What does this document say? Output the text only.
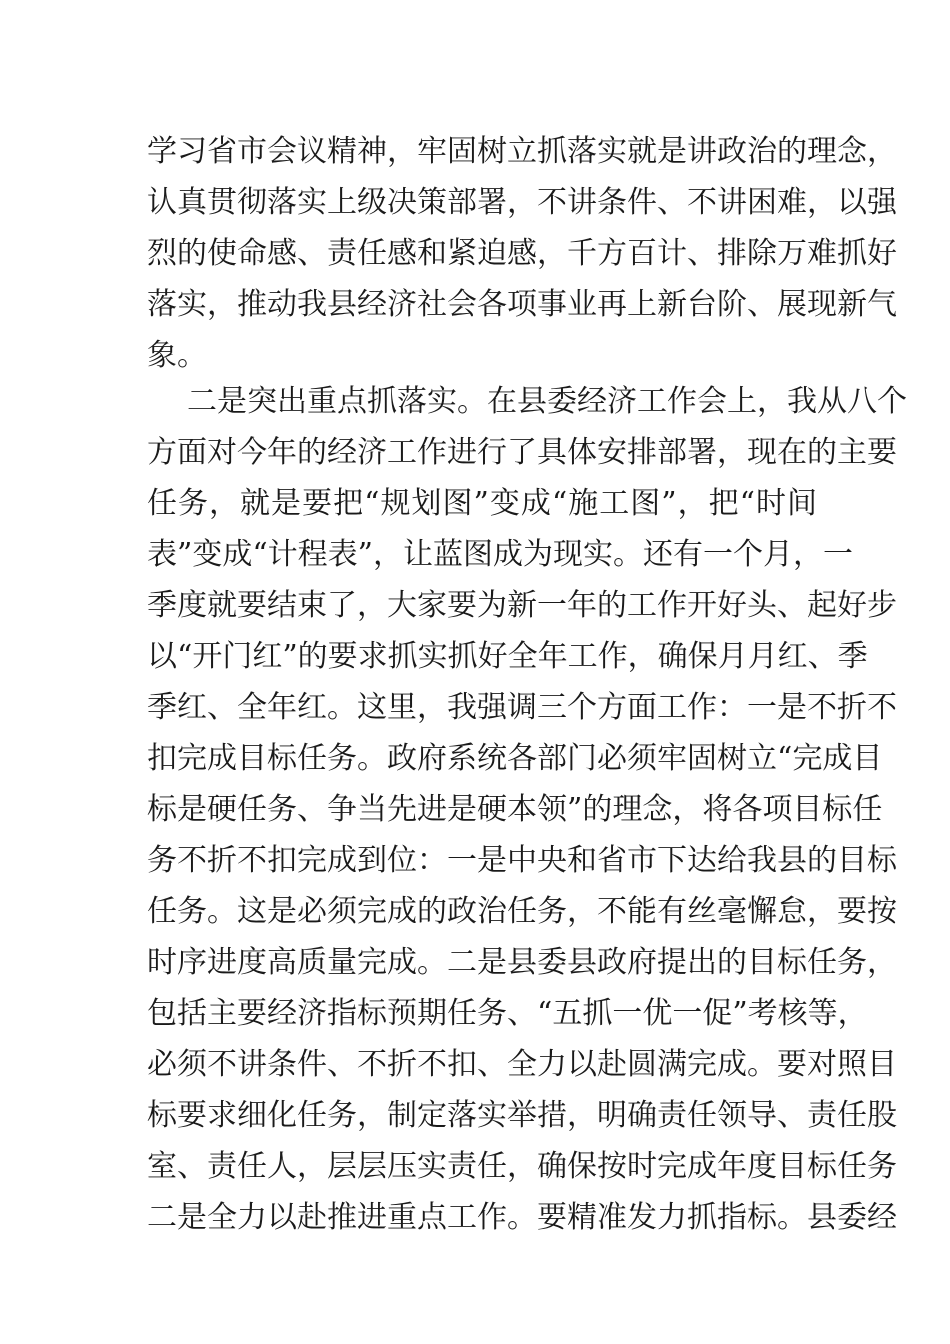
学习省市会议精神，牢固树立抓落实就是讲政治的理念，
认真贯彻落实上级决策部署，不讲条件、不讲困难，以强
烈的使命感、责任感和紧迫感，千方百计、排除万难抓好
落实，推动我县经济社会各项事业再上新台阶、展现新气
象。
二是突出重点抓落实。在县委经济工作会上，我从八个
方面对今年的经济工作进行了具体安排部署，现在的主要
任务，就是要把“规划图”变成“施工图”，把“时间
表”变成“计程表”，让蓝图成为现实。还有一个月，一
季度就要结束了，大家要为新一年的工作开好头、起好步
以“开门红”的要求抓实抓好全年工作，确保月月红、季
季红、全年红。这里，我强调三个方面工作：一是不折不
扣完成目标任务。政府系统各部门必须牢固树立“完成目
标是硬任务、争当先进是硬本领”的理念，将各项目标任
务不折不扣完成到位：一是中央和省市下达给我县的目标
任务。这是必须完成的政治任务，不能有丝毫懈怠，要按
时序进度高质量完成。二是县委县政府提出的目标任务，
包括主要经济指标预期任务、“五抓一优一促”考核等，
必须不讲条件、不折不扣、全力以赴圆满完成。要对照目
标要求细化任务，制定落实举措，明确责任领导、责任股
室、责任人，层层压实责任，确保按时完成年度目标任务
二是全力以赴推进重点工作。要精准发力抓指标。县委经
